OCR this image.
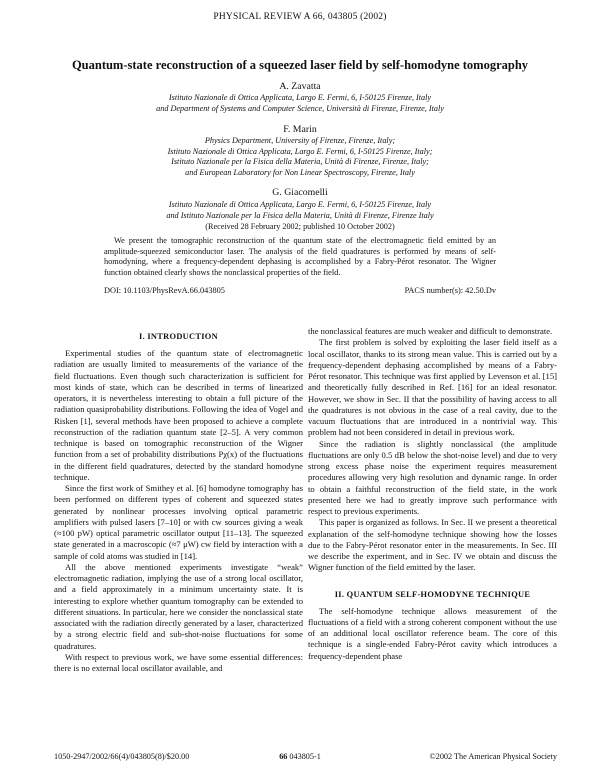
PHYSICAL REVIEW A 66, 043805 (2002)
Quantum-state reconstruction of a squeezed laser field by self-homodyne tomography
A. Zavatta
Istituto Nazionale di Ottica Applicata, Largo E. Fermi, 6, I-50125 Firenze, Italy
and Department of Systems and Computer Science, Università di Firenze, Firenze, Italy
F. Marin
Physics Department, University of Firenze, Firenze, Italy;
Istituto Nazionale di Ottica Applicata, Largo E. Fermi, 6, I-50125 Firenze, Italy;
Istituto Nazionale per la Fisica della Materia, Unità di Firenze, Firenze, Italy;
and European Laboratory for Non Linear Spectroscopy, Firenze, Italy
G. Giacomelli
Istituto Nazionale di Ottica Applicata, Largo E. Fermi, 6, I-50125 Firenze, Italy
and Istituto Nazionale per la Fisica della Materia, Unità di Firenze, Firenze Italy
(Received 28 February 2002; published 10 October 2002)

We present the tomographic reconstruction of the quantum state of the electromagnetic field emitted by an amplitude-squeezed semiconductor laser. The analysis of the field quadratures is performed by means of self-homodyning, where a frequency-dependent dephasing is accomplished by a Fabry-Pérot resonator. The Wigner function obtained clearly shows the nonclassical properties of the field.

DOI: 10.1103/PhysRevA.66.043805	PACS number(s): 42.50.Dv
I. INTRODUCTION

Experimental studies of the quantum state of electromagnetic radiation are usually limited to measurements of the variance of the field fluctuations. Even though such characterization is sufficient for most kinds of state, which can be described in terms of linearized operators, it is nevertheless interesting to obtain a full picture of the radiation quasiprobability distributions. Following the idea of Vogel and Risken [1], several methods have been proposed to achieve a complete reconstruction of the radiation quantum state [2–5]. A very common technique is based on tomographic reconstruction of the Wigner function from a set of probability distributions Pχ(x) of the fluctuations in the different field quadratures, detected by the standard homodyne technique.

Since the first work of Smithey et al. [6] homodyne tomography has been performed on different types of coherent and squeezed states generated by nonlinear processes involving optical parametric amplifiers with pulsed lasers [7–10] or with cw sources giving a weak (≈100 pW) optical parametric oscillator output [11–13]. The squeezed state generated in a macroscopic (≈7 μW) cw field by interaction with a sample of cold atoms was studied in [14].

All the above mentioned experiments investigate “weak” electromagnetic radiation, implying the use of a strong local oscillator, and a field approximately in a minimum uncertainty state. It is interesting to explore whether quantum tomography can be extended to different situations. In particular, here we consider the nonclassical state associated with the radiation directly generated by a laser, characterized by a strong electric field and sub-shot-noise fluctuations for some quadratures.

With respect to previous work, we have some essential differences: there is no external local oscillator available, and

the nonclassical features are much weaker and difficult to demonstrate.

The first problem is solved by exploiting the laser field itself as a local oscillator, thanks to its strong mean value. This is carried out by a frequency-dependent dephasing accomplished by means of a Fabry-Pérot resonator. This technique was first applied by Levenson et al. [15] and theoretically fully described in Ref. [16] for an ideal resonator. However, we show in Sec. II that the possibility of having access to all the quadratures is not obvious in the case of a real cavity, due to the vacuum fluctuations that are introduced in a nontrivial way. This problem had not been considered in detail in previous work.

Since the radiation is slightly nonclassical (the amplitude fluctuations are only 0.5 dB below the shot-noise level) and due to very strong excess phase noise the experiment requires measurement procedures allowing very high resolution and dynamic range. In order to obtain a faithful reconstruction of the field state, in the work presented here we had to greatly improve such performance with respect to previous experiments.

This paper is organized as follows. In Sec. II we present a theoretical explanation of the self-homodyne technique showing how the losses due to the Fabry-Pérot resonator enter in the measurements. In Sec. III we describe the experiment, and in Sec. IV we obtain and discuss the Wigner function of the field emitted by the laser.

II. QUANTUM SELF-HOMODYNE TECHNIQUE

The self-homodyne technique allows measurement of the fluctuations of a field with a strong coherent component without the use of an additional local oscillator reference beam. The core of this technique is a single-ended Fabry-Pérot cavity which introduces a frequency-dependent phase

1050-2947/2002/66(4)/043805(8)/$20.00	66 043805-1	©2002 The American Physical Society
